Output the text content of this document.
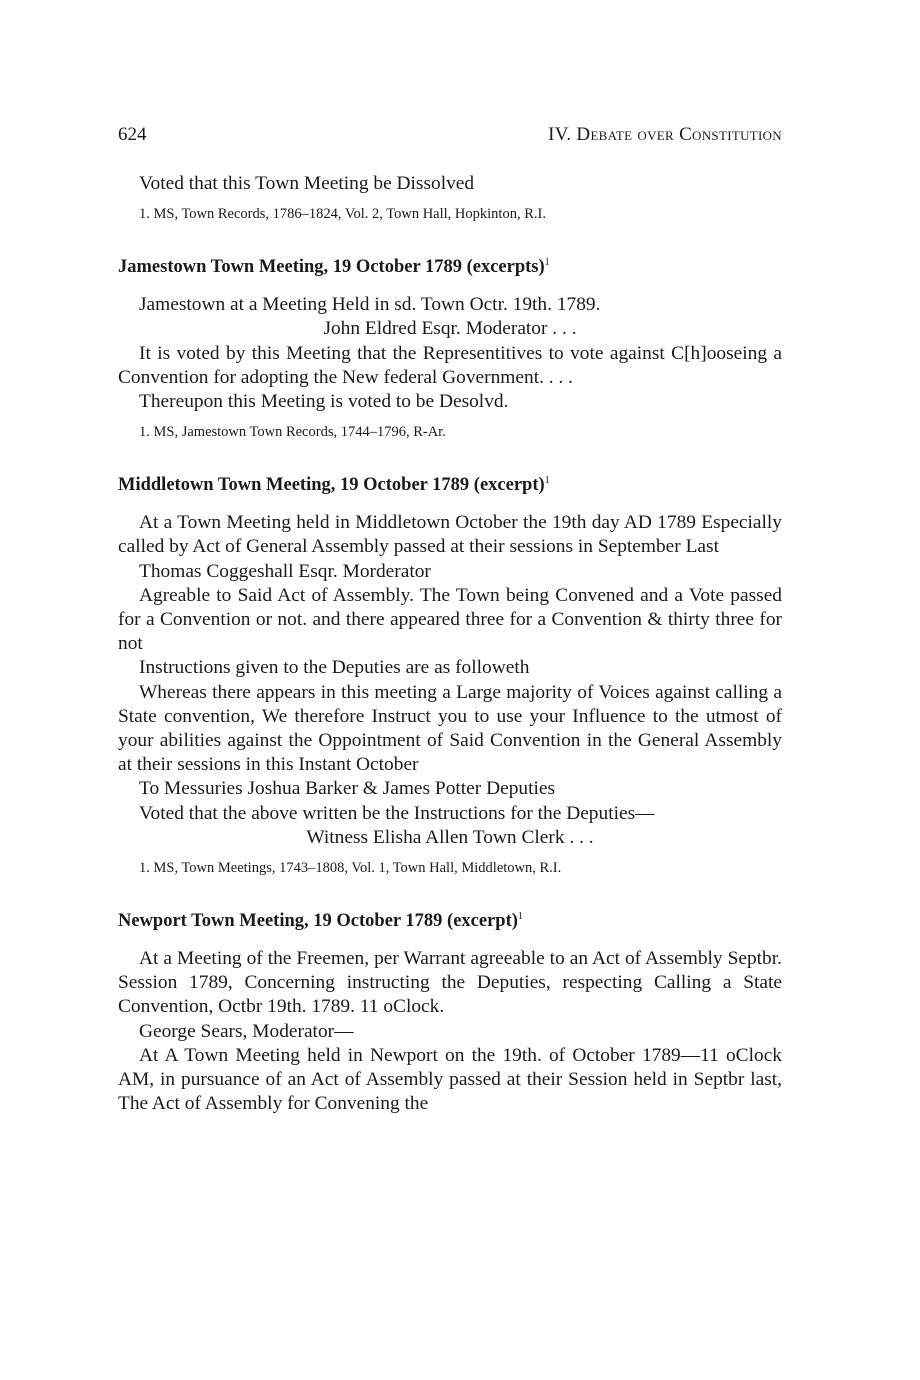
624	IV. Debate over Constitution

Voted that this Town Meeting be Dissolved

1. MS, Town Records, 1786–1824, Vol. 2, Town Hall, Hopkinton, R.I.

Jamestown Town Meeting, 19 October 1789 (excerpts)$^1$

Jamestown at a Meeting Held in sd. Town Octr. 19th. 1789.

John Eldred Esqr. Moderator . . .

It is voted by this Meeting that the Representitives to vote against C[h]ooseing a Convention for adopting the New federal Government. . . .

Thereupon this Meeting is voted to be Desolvd.

1. MS, Jamestown Town Records, 1744–1796, R-Ar.

Middletown Town Meeting, 19 October 1789 (excerpt)$^1$

At a Town Meeting held in Middletown October the 19th day AD 1789 Especially called by Act of General Assembly passed at their sessions in September Last

Thomas Coggeshall Esqr. Morderator

Agreable to Said Act of Assembly. The Town being Convened and a Vote passed for a Convention or not. and there appeared three for a Convention & thirty three for not

Instructions given to the Deputies are as followeth

Whereas there appears in this meeting a Large majority of Voices against calling a State convention, We therefore Instruct you to use your Influence to the utmost of your abilities against the Oppointment of Said Convention in the General Assembly at their sessions in this Instant October

To Messuries Joshua Barker & James Potter Deputies

Voted that the above written be the Instructions for the Deputies—

Witness Elisha Allen Town Clerk . . .

1. MS, Town Meetings, 1743–1808, Vol. 1, Town Hall, Middletown, R.I.

Newport Town Meeting, 19 October 1789 (excerpt)$^1$

At a Meeting of the Freemen, per Warrant agreeable to an Act of Assembly Septbr. Session 1789, Concerning instructing the Deputies, respecting Calling a State Convention, Octbr 19th. 1789. 11 oClock.

George Sears, Moderator—

At A Town Meeting held in Newport on the 19th. of October 1789—11 oClock AM, in pursuance of an Act of Assembly passed at their Session held in Septbr last, The Act of Assembly for Convening the
